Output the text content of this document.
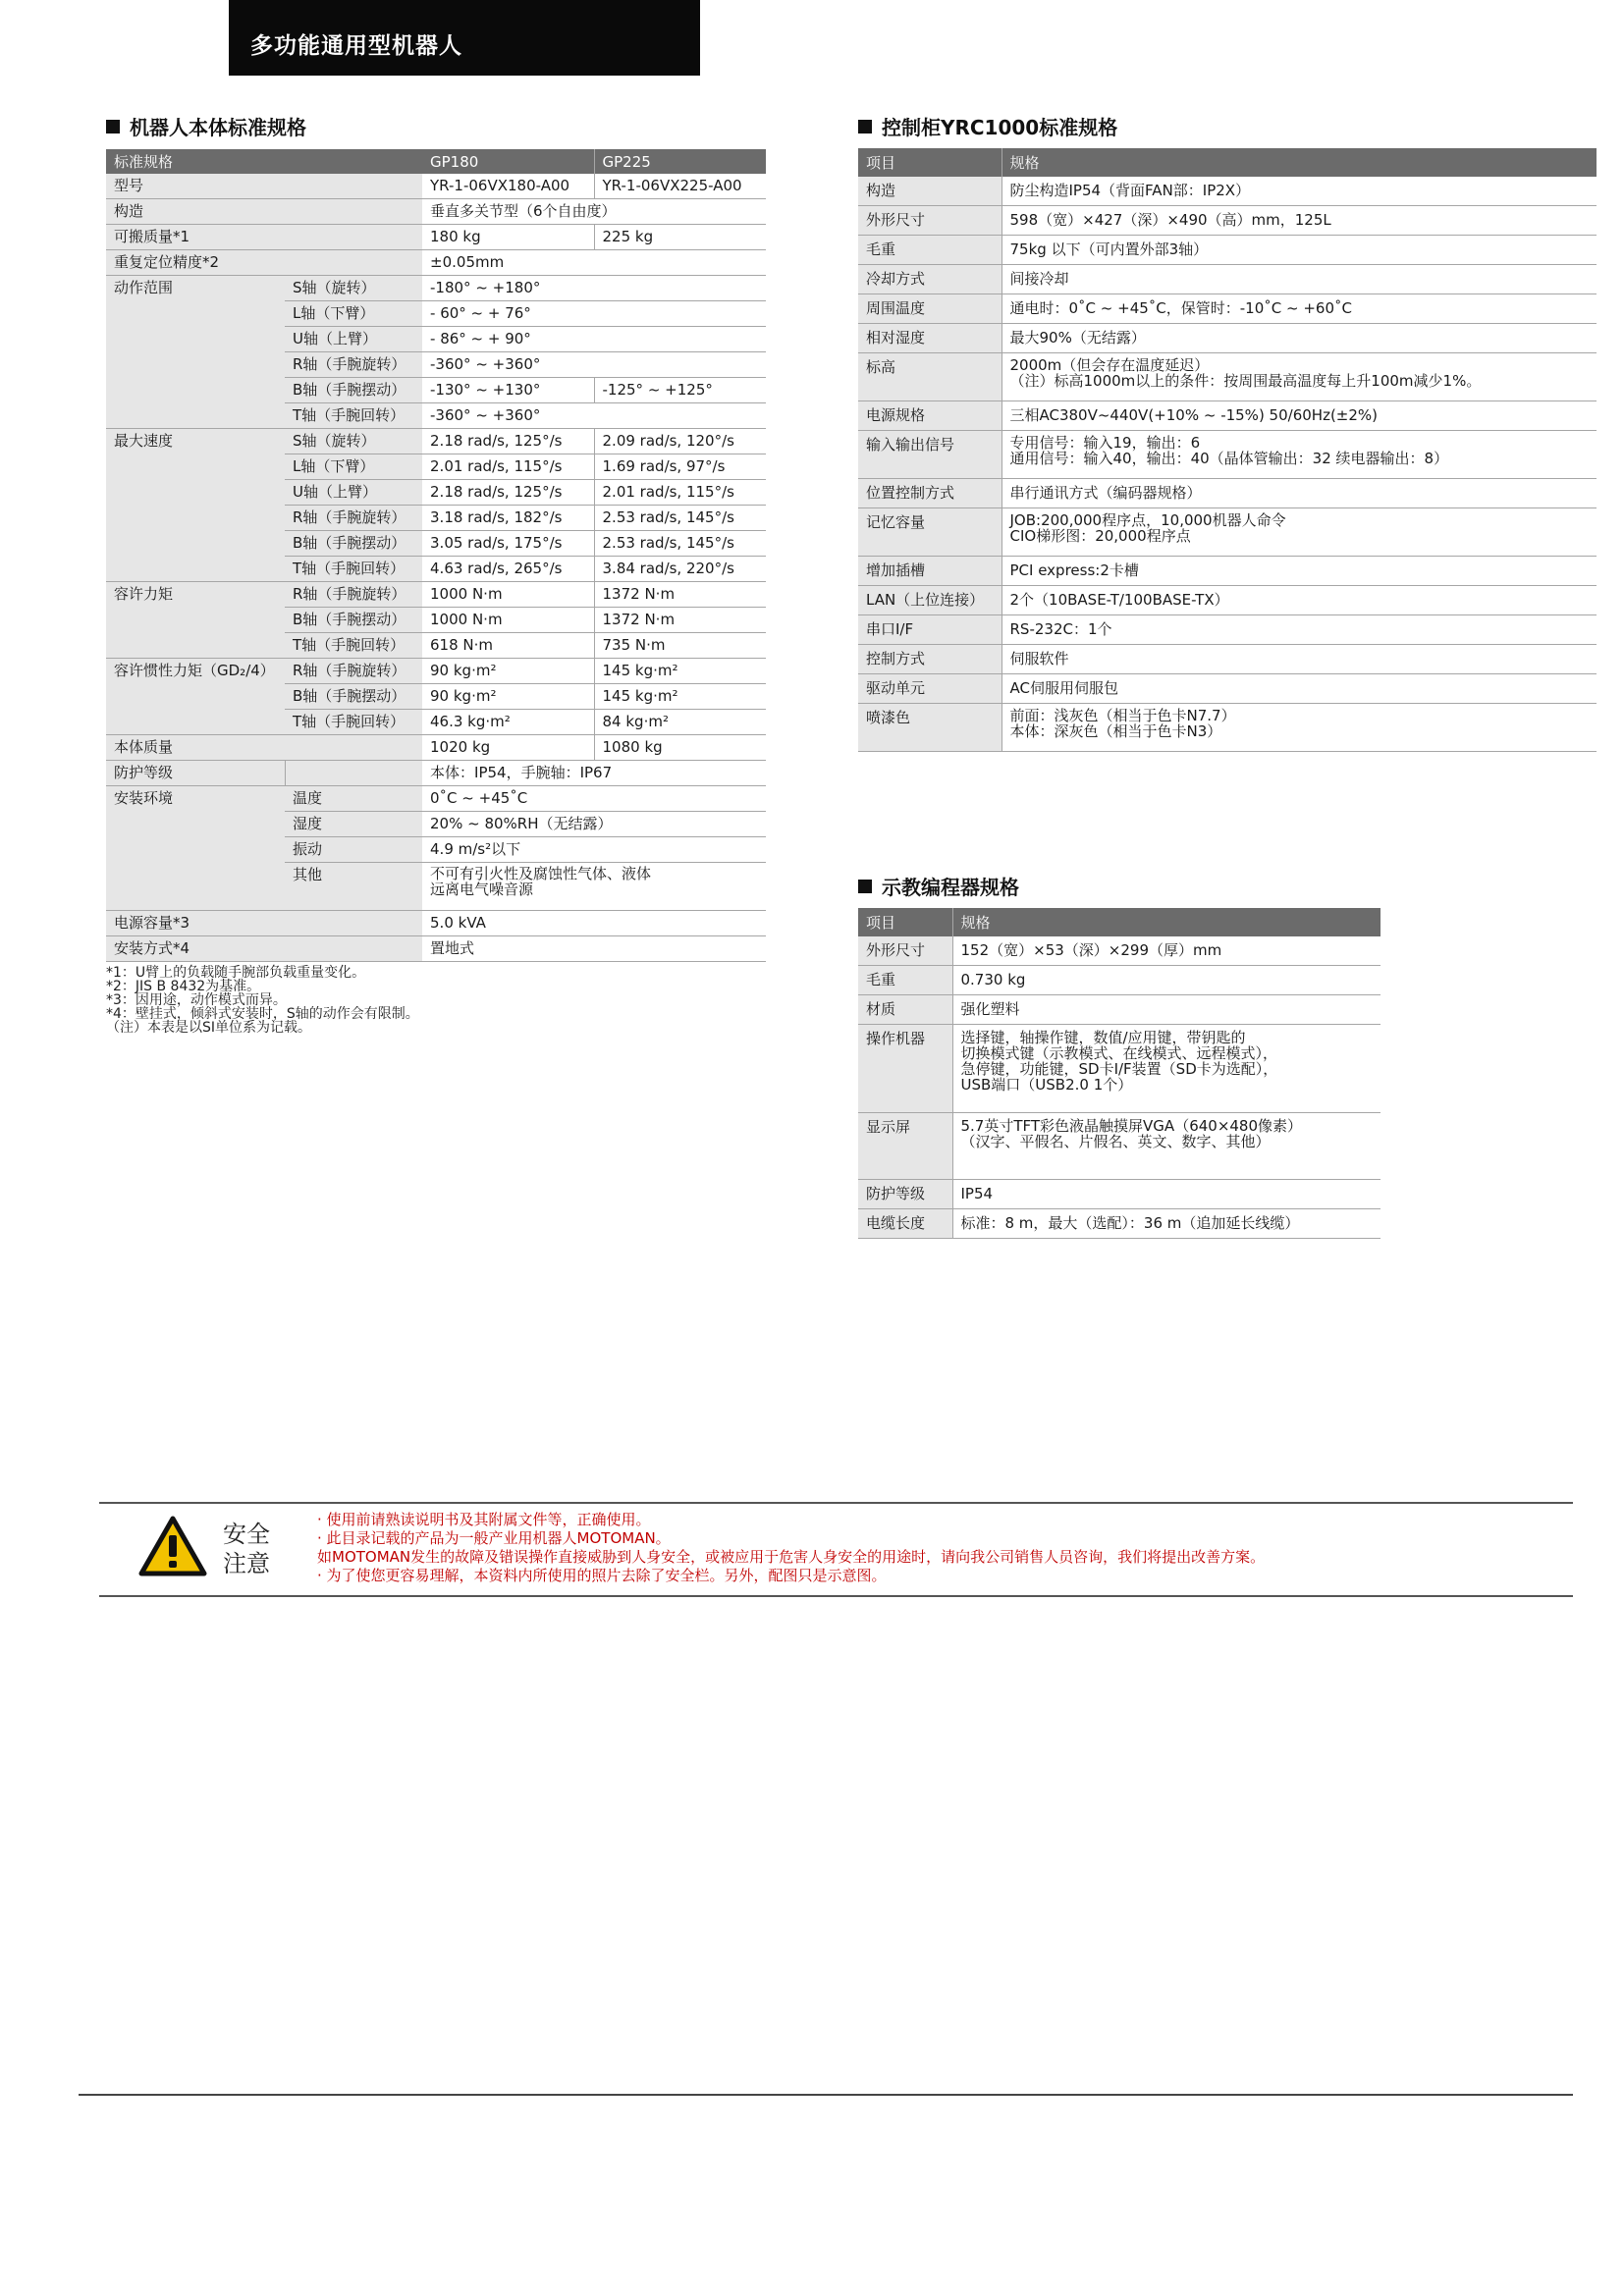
多功能通用型机器人
机器人本体标准规格
标准规格		GP180	GP225
型号		YR-1-06VX180-A00	YR-1-06VX225-A00
构造		垂直多关节型（6个自由度）	
可搬质量*1		180 kg	225 kg
重复定位精度*2		±0.05mm	
动作范围	S轴（旋转）	-180° ~ +180°	
	L轴（下臂）	- 60° ~ + 76°	
	U轴（上臂）	- 86° ~ + 90°	
	R轴（手腕旋转）	-360° ~ +360°	
	B轴（手腕摆动）	-130° ~ +130°	-125° ~ +125°
	T轴（手腕回转）	-360° ~ +360°	
最大速度	S轴（旋转）	2.18 rad/s, 125°/s	2.09 rad/s, 120°/s
	L轴（下臂）	2.01 rad/s, 115°/s	1.69 rad/s, 97°/s
	U轴（上臂）	2.18 rad/s, 125°/s	2.01 rad/s, 115°/s
	R轴（手腕旋转）	3.18 rad/s, 182°/s	2.53 rad/s, 145°/s
	B轴（手腕摆动）	3.05 rad/s, 175°/s	2.53 rad/s, 145°/s
	T轴（手腕回转）	4.63 rad/s, 265°/s	3.84 rad/s, 220°/s
容许力矩	R轴（手腕旋转）	1000 N·m	1372 N·m
	B轴（手腕摆动）	1000 N·m	1372 N·m
	T轴（手腕回转）	618 N·m	735 N·m
容许惯性力矩（GD₂/4）	R轴（手腕旋转）	90 kg·m²	145 kg·m²
	B轴（手腕摆动）	90 kg·m²	145 kg·m²
	T轴（手腕回转）	46.3 kg·m²	84 kg·m²
本体质量		1020 kg	1080 kg
防护等级		本体：IP54，手腕轴：IP67	
安装环境	温度	0˚C ~ +45˚C	
	湿度	20% ~ 80%RH（无结露）	
	振动	4.9 m/s²以下	
	其他	不可有引火性及腐蚀性气体、液体
远离电气噪音源	
电源容量*3		5.0 kVA	
安装方式*4		置地式	
*1：U臂上的负载随手腕部负载重量变化。
*2：JIS B 8432为基准。
*3：因用途，动作模式而异。
*4：壁挂式，倾斜式安装时，S轴的动作会有限制。
（注）本表是以SI单位系为记载。
控制柜YRC1000标准规格
项目	规格
构造	防尘构造IP54（背面FAN部：IP2X）
外形尺寸	598（宽）×427（深）×490（高）mm，125L
毛重	75kg 以下（可内置外部3轴）
冷却方式	间接冷却
周围温度	通电时：0˚C ~ +45˚C，保管时：-10˚C ~ +60˚C
相对湿度	最大90%（无结露）
标高	2000m（但会存在温度延迟）
（注）标高1000m以上的条件：按周围最高温度每上升100m减少1%。
电源规格	三相AC380V~440V(+10% ~ -15%) 50/60Hz(±2%)
输入输出信号	专用信号：输入19，输出：6
通用信号：输入40，输出：40（晶体管输出：32 续电器输出：8）
位置控制方式	串行通讯方式（编码器规格）
记忆容量	JOB:200,000程序点，10,000机器人命令
CIO梯形图：20,000程序点
增加插槽	PCI express:2卡槽
LAN（上位连接）	2个（10BASE-T/100BASE-TX）
串口I/F	RS-232C：1个
控制方式	伺服软件
驱动单元	AC伺服用伺服包
喷漆色	前面：浅灰色（相当于色卡N7.7）
本体：深灰色（相当于色卡N3）
示教编程器规格
项目	规格
外形尺寸	152（宽）×53（深）×299（厚）mm
毛重	0.730 kg
材质	强化塑料
操作机器	选择键，轴操作键，数值/应用键，带钥匙的
切换模式键（示教模式、在线模式、远程模式），
急停键，功能键，SD卡I/F装置（SD卡为选配），
USB端口（USB2.0 1个）
显示屏	5.7英寸TFT彩色液晶触摸屏VGA（640×480像素）
（汉字、平假名、片假名、英文、数字、其他）
防护等级	IP54
电缆长度	标准：8 m，最大（选配）：36 m（追加延长线缆）
安全
注意
· 使用前请熟读说明书及其附属文件等，正确使用。
· 此目录记载的产品为一般产业用机器人MOTOMAN。
如MOTOMAN发生的故障及错误操作直接威胁到人身安全，或被应用于危害人身安全的用途时，请向我公司销售人员咨询，我们将提出改善方案。
· 为了使您更容易理解，本资料内所使用的照片去除了安全栏。另外，配图只是示意图。
